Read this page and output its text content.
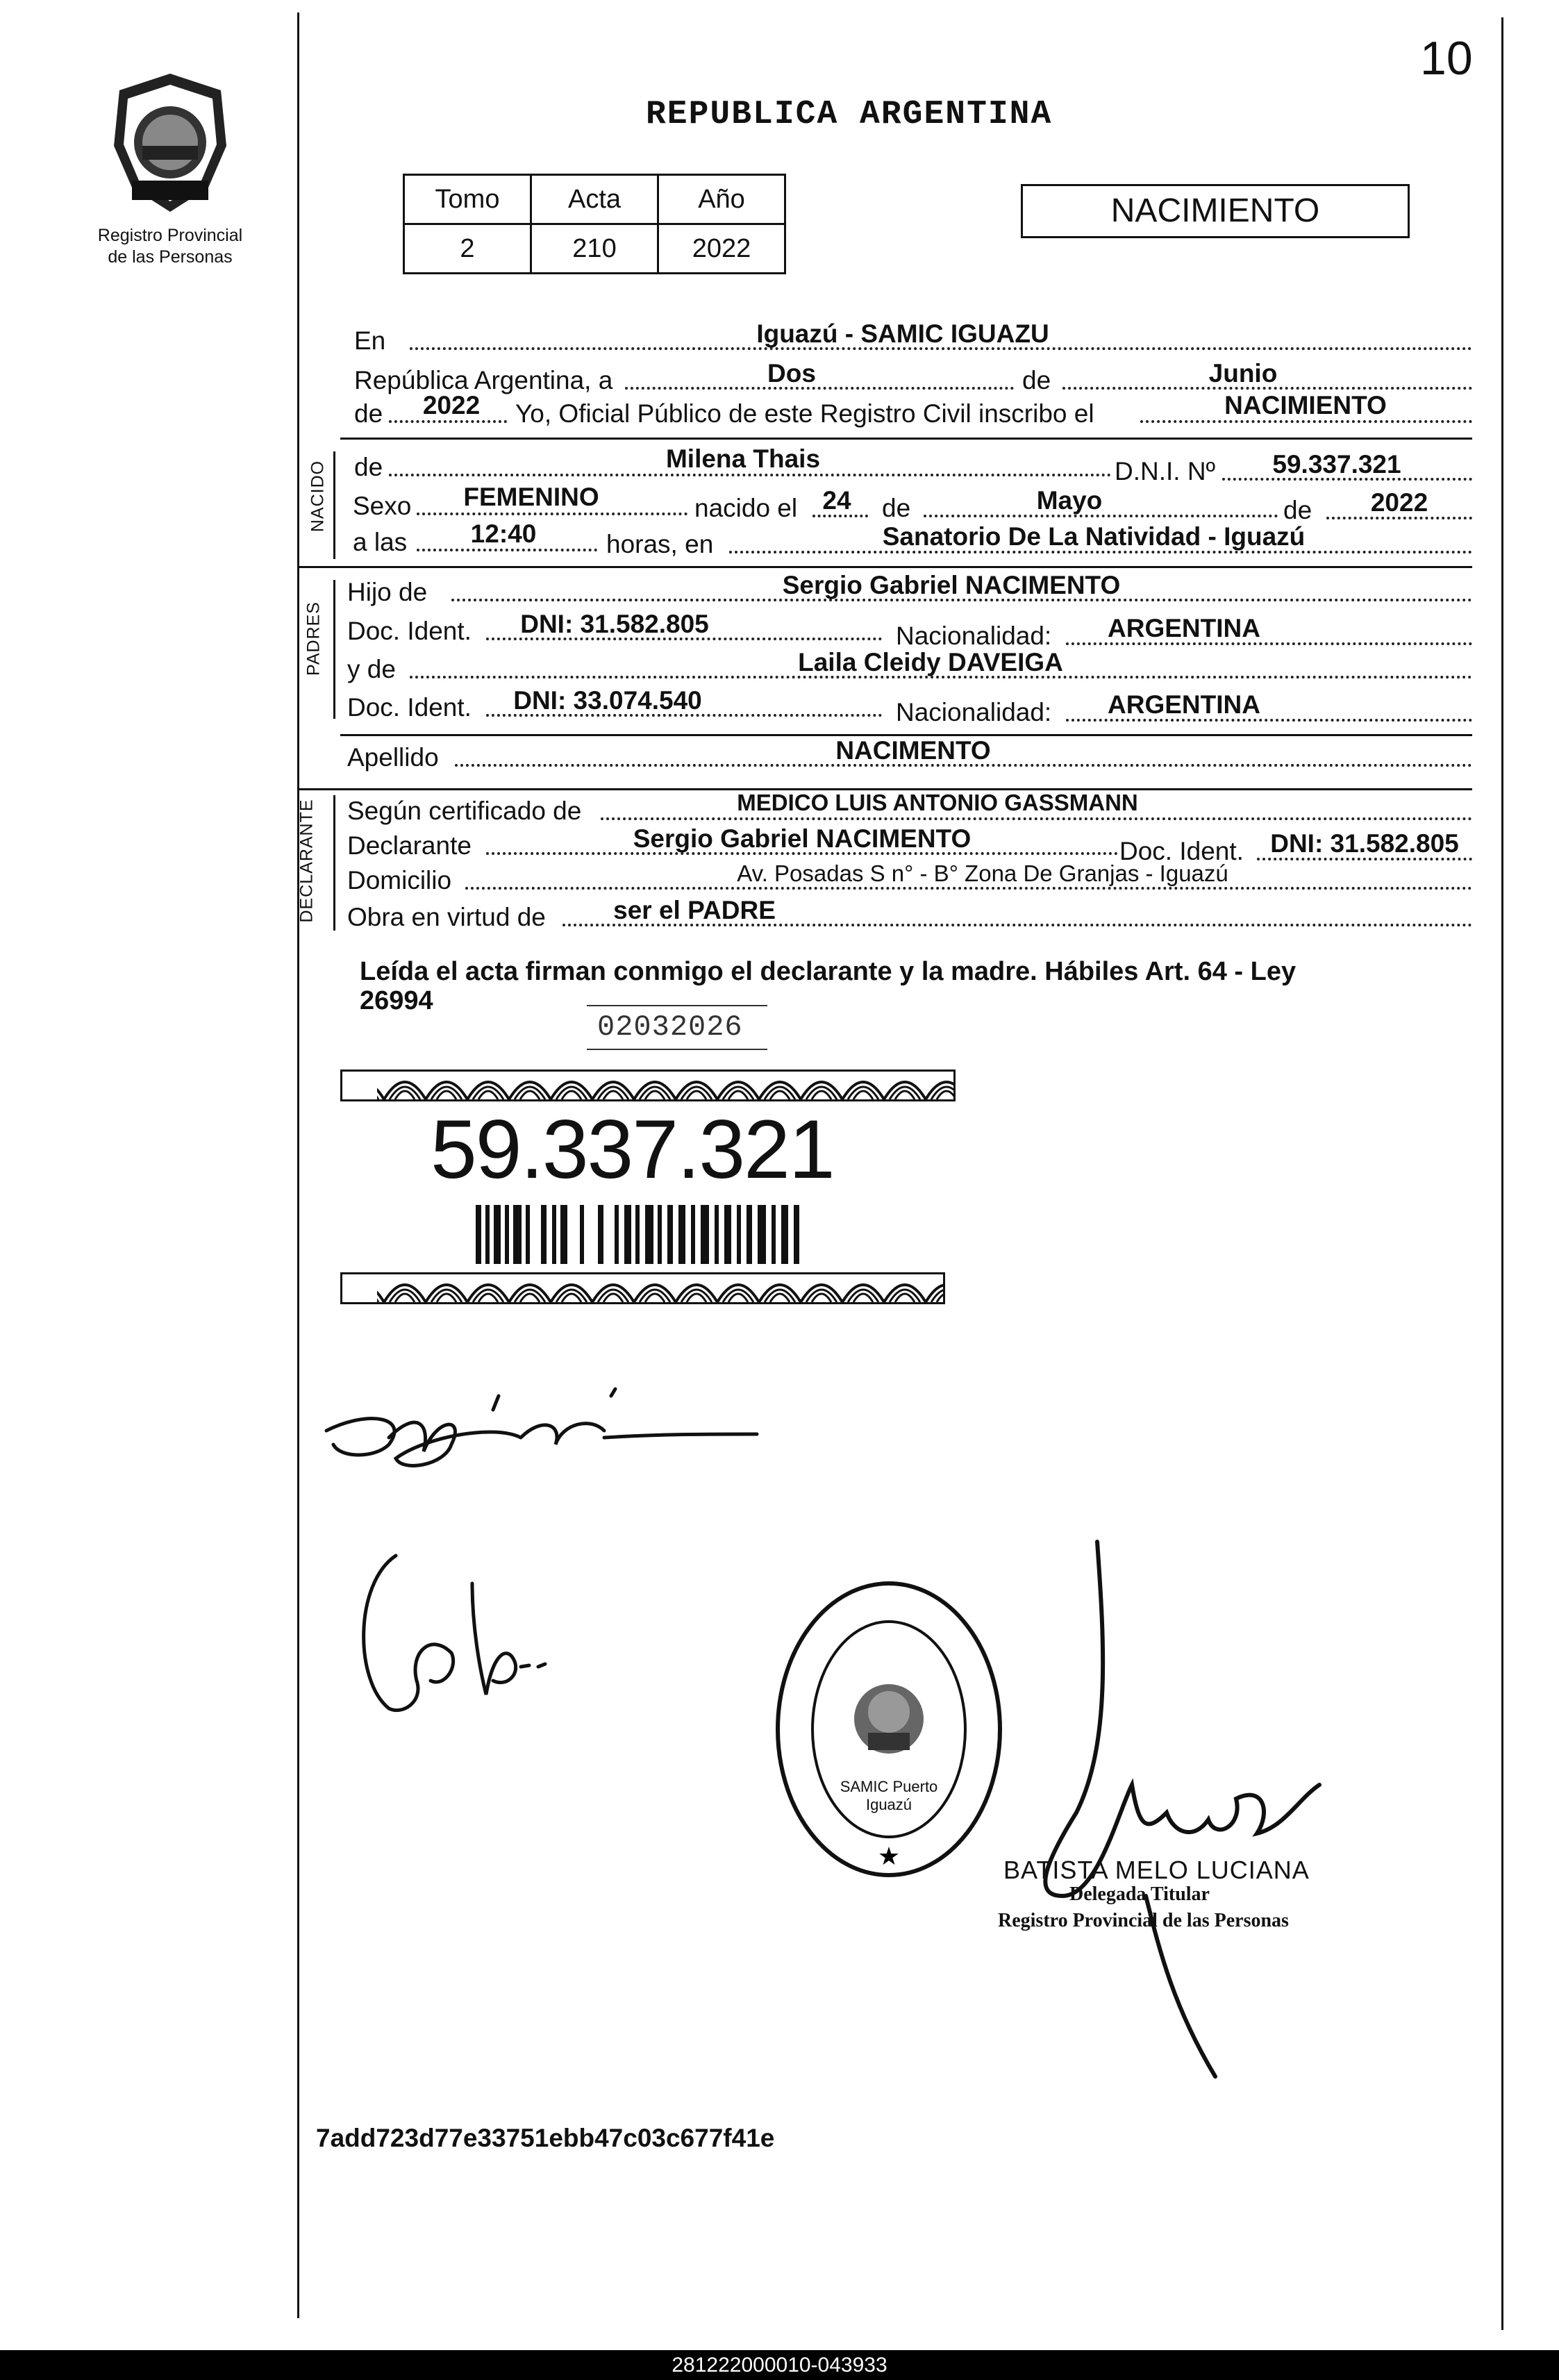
10
Registro Provincial
de las Personas
REPUBLICA ARGENTINA
Tomo	Acta	Año
2	210	2022
NACIMIENTO
En	Iguazú - SAMIC IGUAZU
República Argentina, a	Dos	de	Junio
de	2022	Yo, Oficial Público de este Registro Civil inscribo el	NACIMIENTO
NACIDO de	Milena Thais	D.N.I. Nº	59.337.321
Sexo	FEMENINO	nacido el 24	de	Mayo	de	2022
a las	12:40	horas, en	Sanatorio De La Natividad - Iguazú
PADRES
Hijo de	Sergio Gabriel NACIMENTO
Doc. Ident.	DNI: 31.582.805	Nacionalidad:	ARGENTINA
y de	Laila Cleidy DAVEIGA
Doc. Ident.	DNI: 33.074.540	Nacionalidad:	ARGENTINA
Apellido	NACIMENTO
DECLARANTE Según certificado de	MEDICO LUIS ANTONIO GASSMANN
Declarante	Sergio Gabriel NACIMENTO	Doc. Ident.	DNI: 31.582.805
Domicilio	Av. Posadas S n° - B° Zona De Granjas - Iguazú
Obra en virtud de	ser el PADRE
Leída el acta firman conmigo el declarante y la madre. Hábiles Art. 64 - Ley
26994
02032026
59.337.321
★
SAMIC Puerto Iguazú
BATISTA MELO LUCIANA
Delegada Titular
Registro Provincial de las Personas
7add723d77e33751ebb47c03c677f41e
281222000010-043933
